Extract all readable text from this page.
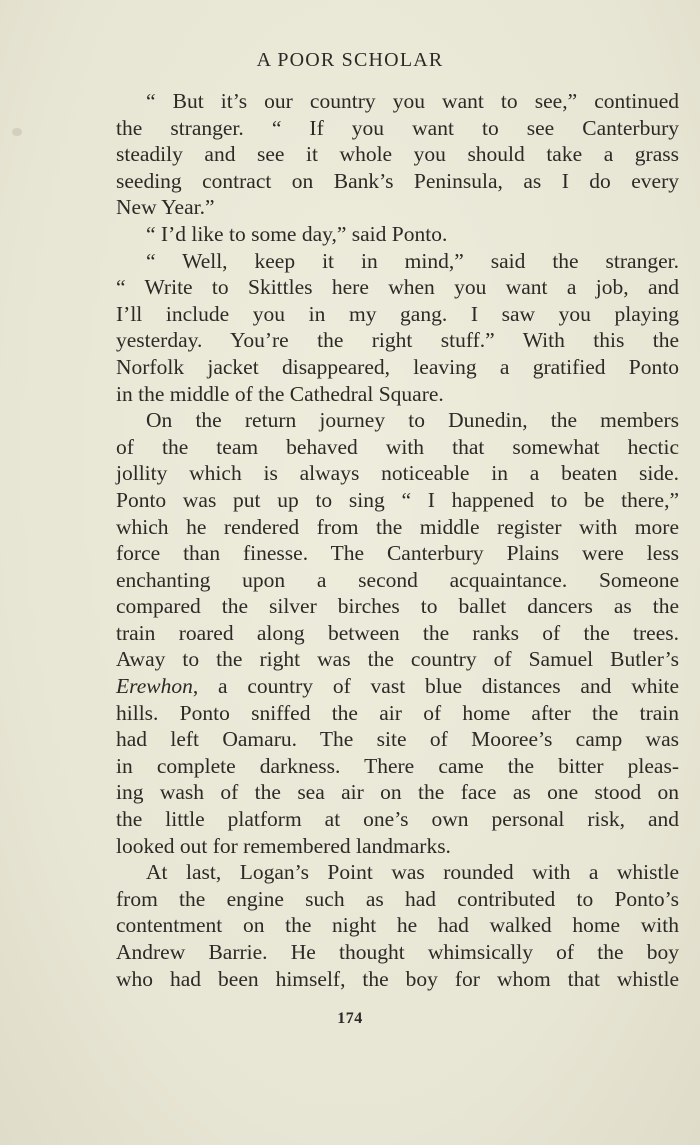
A POOR SCHOLAR

“ But it’s our country you want to see,” continued
the stranger. “ If you want to see Canterbury
steadily and see it whole you should take a grass
seeding contract on Bank’s Peninsula, as I do every
New Year.”

“ I’d like to some day,” said Ponto.

“ Well, keep it in mind,” said the stranger.
“ Write to Skittles here when you want a job, and
I’ll include you in my gang. I saw you playing
yesterday. You’re the right stuff.” With this the
Norfolk jacket disappeared, leaving a gratified Ponto
in the middle of the Cathedral Square.

On the return journey to Dunedin, the members
of the team behaved with that somewhat hectic
jollity which is always noticeable in a beaten side.
Ponto was put up to sing “ I happened to be there,”
which he rendered from the middle register with more
force than finesse. The Canterbury Plains were less
enchanting upon a second acquaintance. Someone
compared the silver birches to ballet dancers as the
train roared along between the ranks of the trees.
Away to the right was the country of Samuel Butler’s
Erewhon, a country of vast blue distances and white
hills. Ponto sniffed the air of home after the train
had left Oamaru. The site of Mooree’s camp was
in complete darkness. There came the bitter pleas-
ing wash of the sea air on the face as one stood on
the little platform at one’s own personal risk, and
looked out for remembered landmarks.

At last, Logan’s Point was rounded with a whistle
from the engine such as had contributed to Ponto’s
contentment on the night he had walked home with
Andrew Barrie. He thought whimsically of the boy
who had been himself, the boy for whom that whistle

174
